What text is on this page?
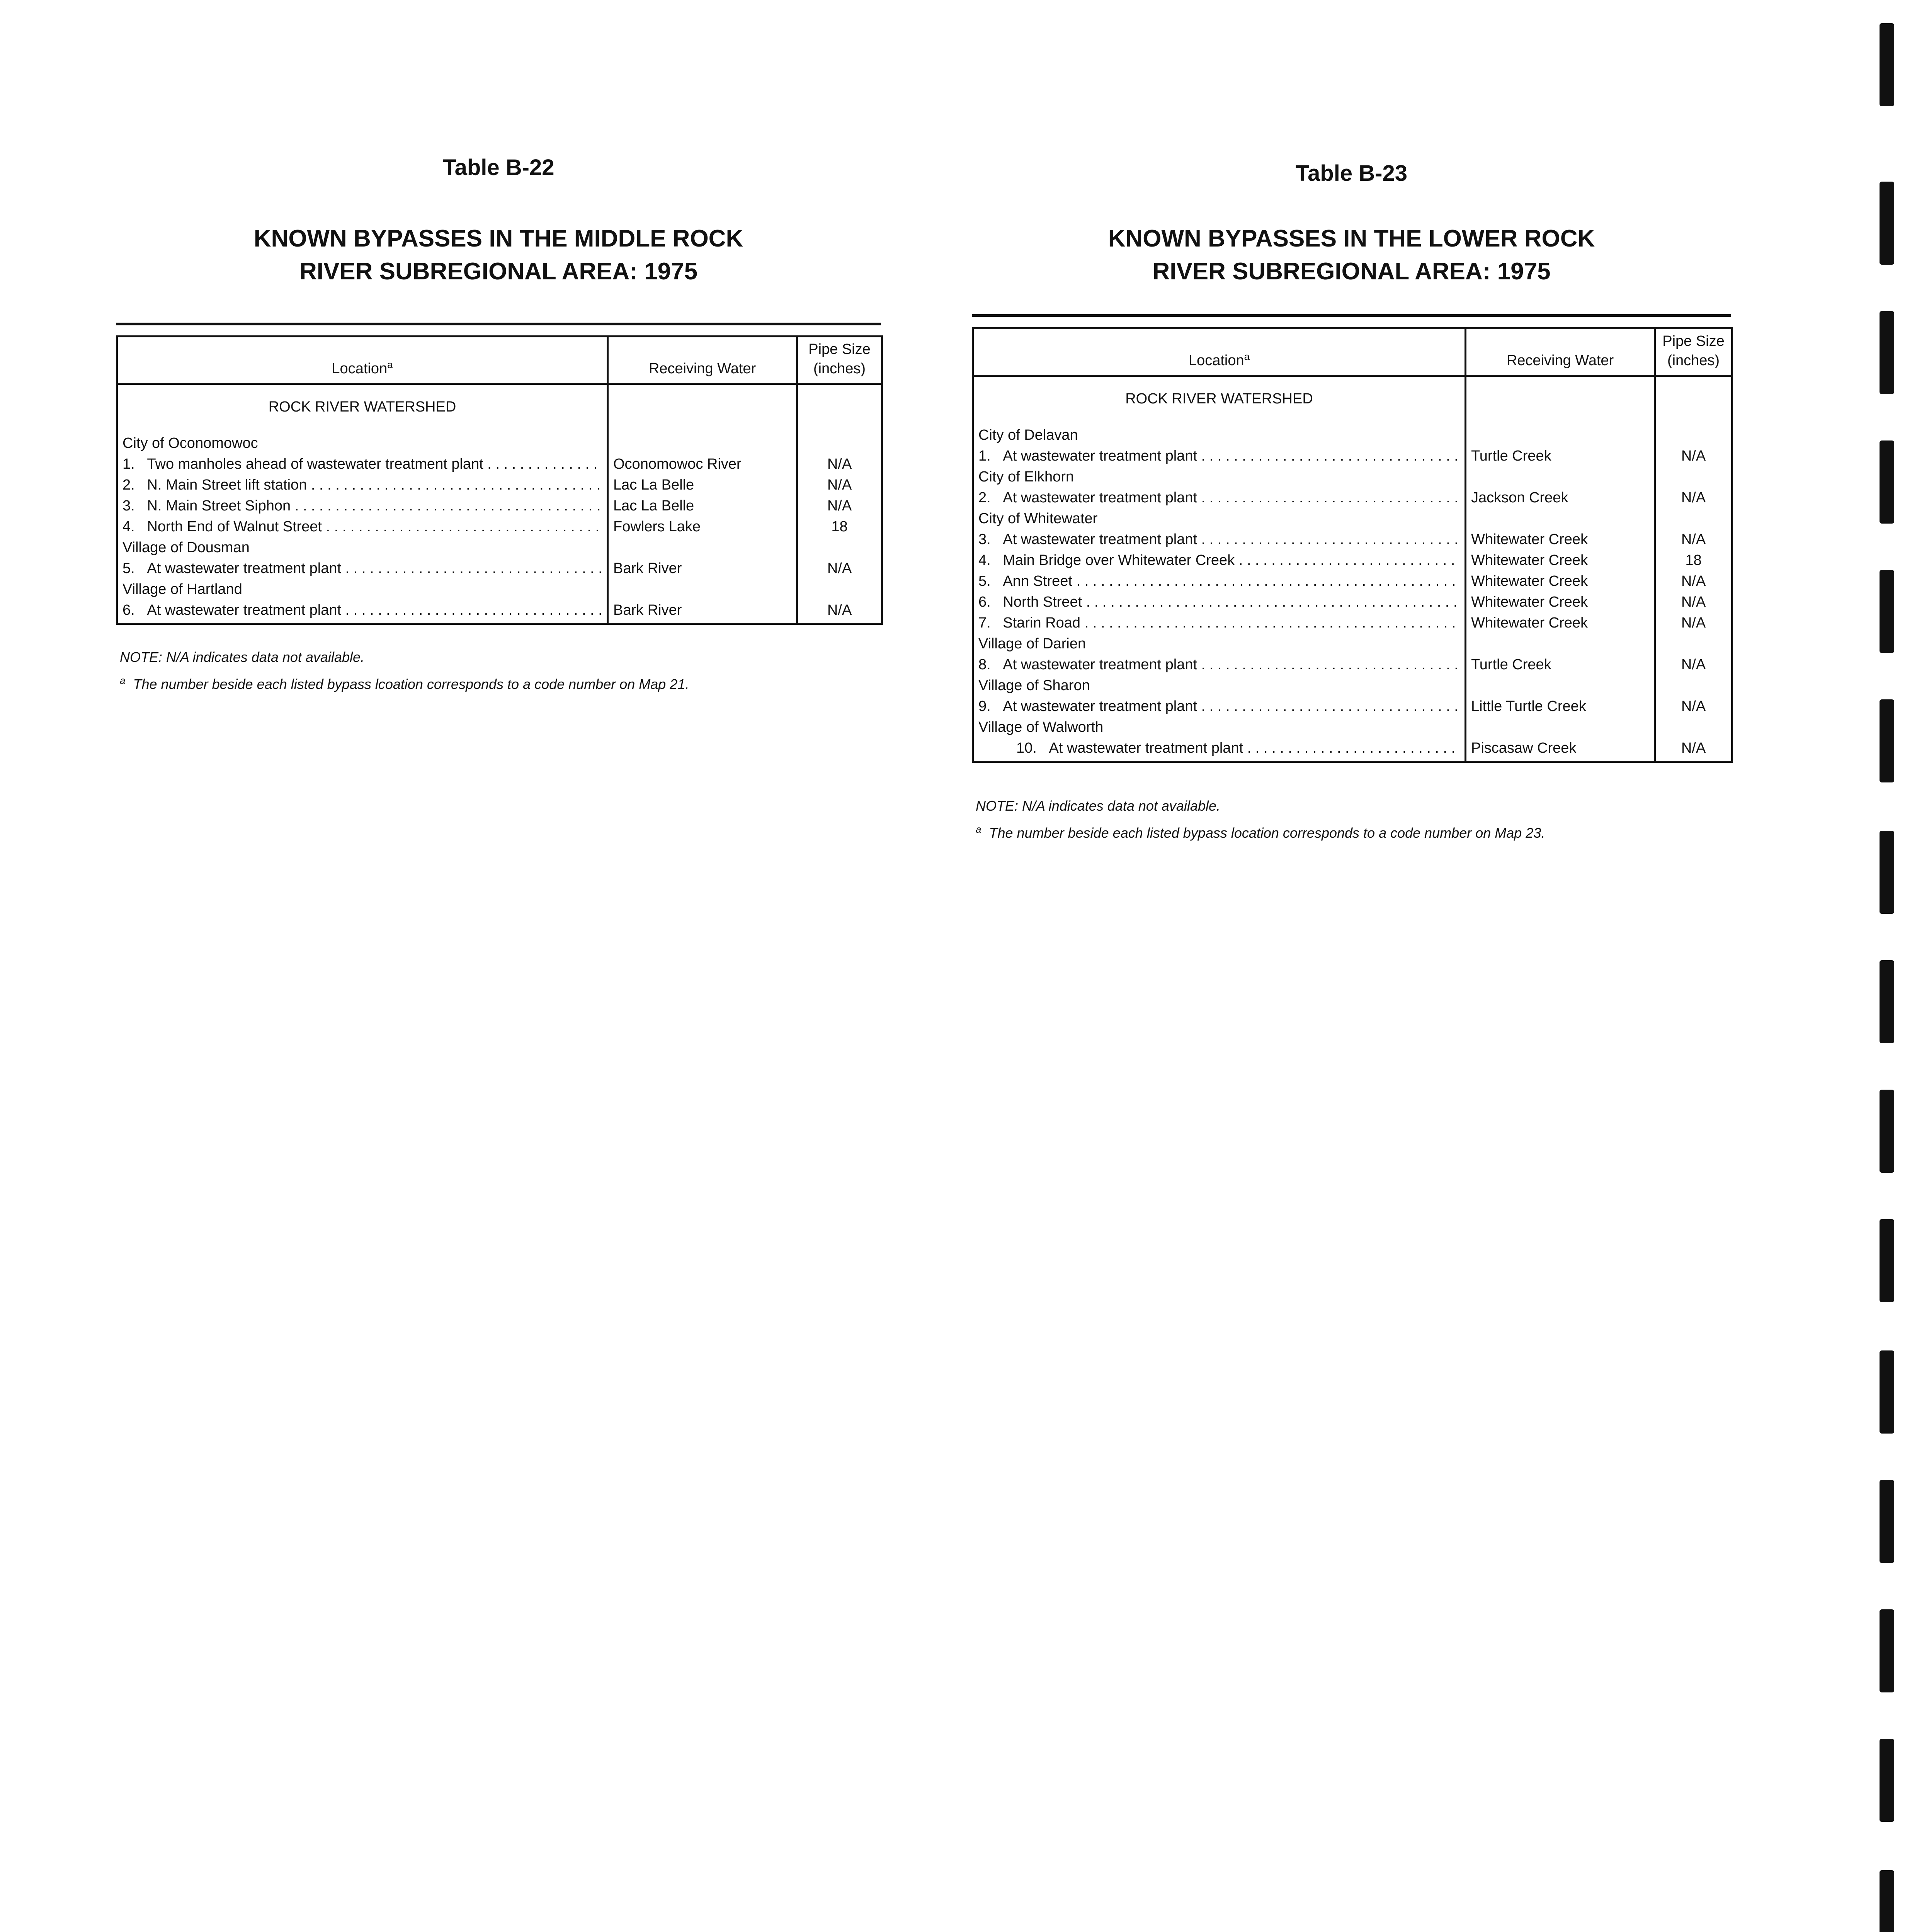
Table B-22

KNOWN BYPASSES IN THE MIDDLE ROCK

RIVER SUBREGIONAL AREA: 1975

Location$^a$	Receiving Water	Pipe Size
(inches)
ROCK RIVER WATERSHED		

City of Oconomowoc		

1. Two manholes ahead of wastewater treatment plant . . .	Oconomowoc River	N/A

2. N. Main Street lift station . . .	Lac La Belle	N/A

3. N. Main Street Siphon . . .	Lac La Belle	N/A

4. North End of Walnut Street . . .	Fowlers Lake	18
Village of Dousman		

5. At wastewater treatment plant . . .	Bark River	N/A
Village of Hartland		

6. At wastewater treatment plant . . .	Bark River	N/A

NOTE: N/A indicates data not available.

$^a$ The number beside each listed bypass lcoation corresponds to a code number on Map 21.

Table B-23

KNOWN BYPASSES IN THE LOWER ROCK

RIVER SUBREGIONAL AREA: 1975

Location$^a$	Receiving Water	Pipe Size
(inches)
ROCK RIVER WATERSHED		

City of Delavan		

1. At wastewater treatment plant . . .	Turtle Creek	N/A
City of Elkhorn		

2. At wastewater treatment plant . . .	Jackson Creek	N/A
City of Whitewater		

3. At wastewater treatment plant . . .	Whitewater Creek	N/A

4. Main Bridge over Whitewater Creek . . .	Whitewater Creek	18

5. Ann Street . . .	Whitewater Creek	N/A

6. North Street . . .	Whitewater Creek	N/A

7. Starin Road . . .	Whitewater Creek	N/A
Village of Darien		

8. At wastewater treatment plant . . .	Turtle Creek	N/A
Village of Sharon		

9. At wastewater treatment plant . . .	Little Turtle Creek	N/A
Village of Walworth		

10. At wastewater treatment plant . . .	Piscasaw Creek	N/A

NOTE: N/A indicates data not available.

$^a$ The number beside each listed bypass location corresponds to a code number on Map 23.
